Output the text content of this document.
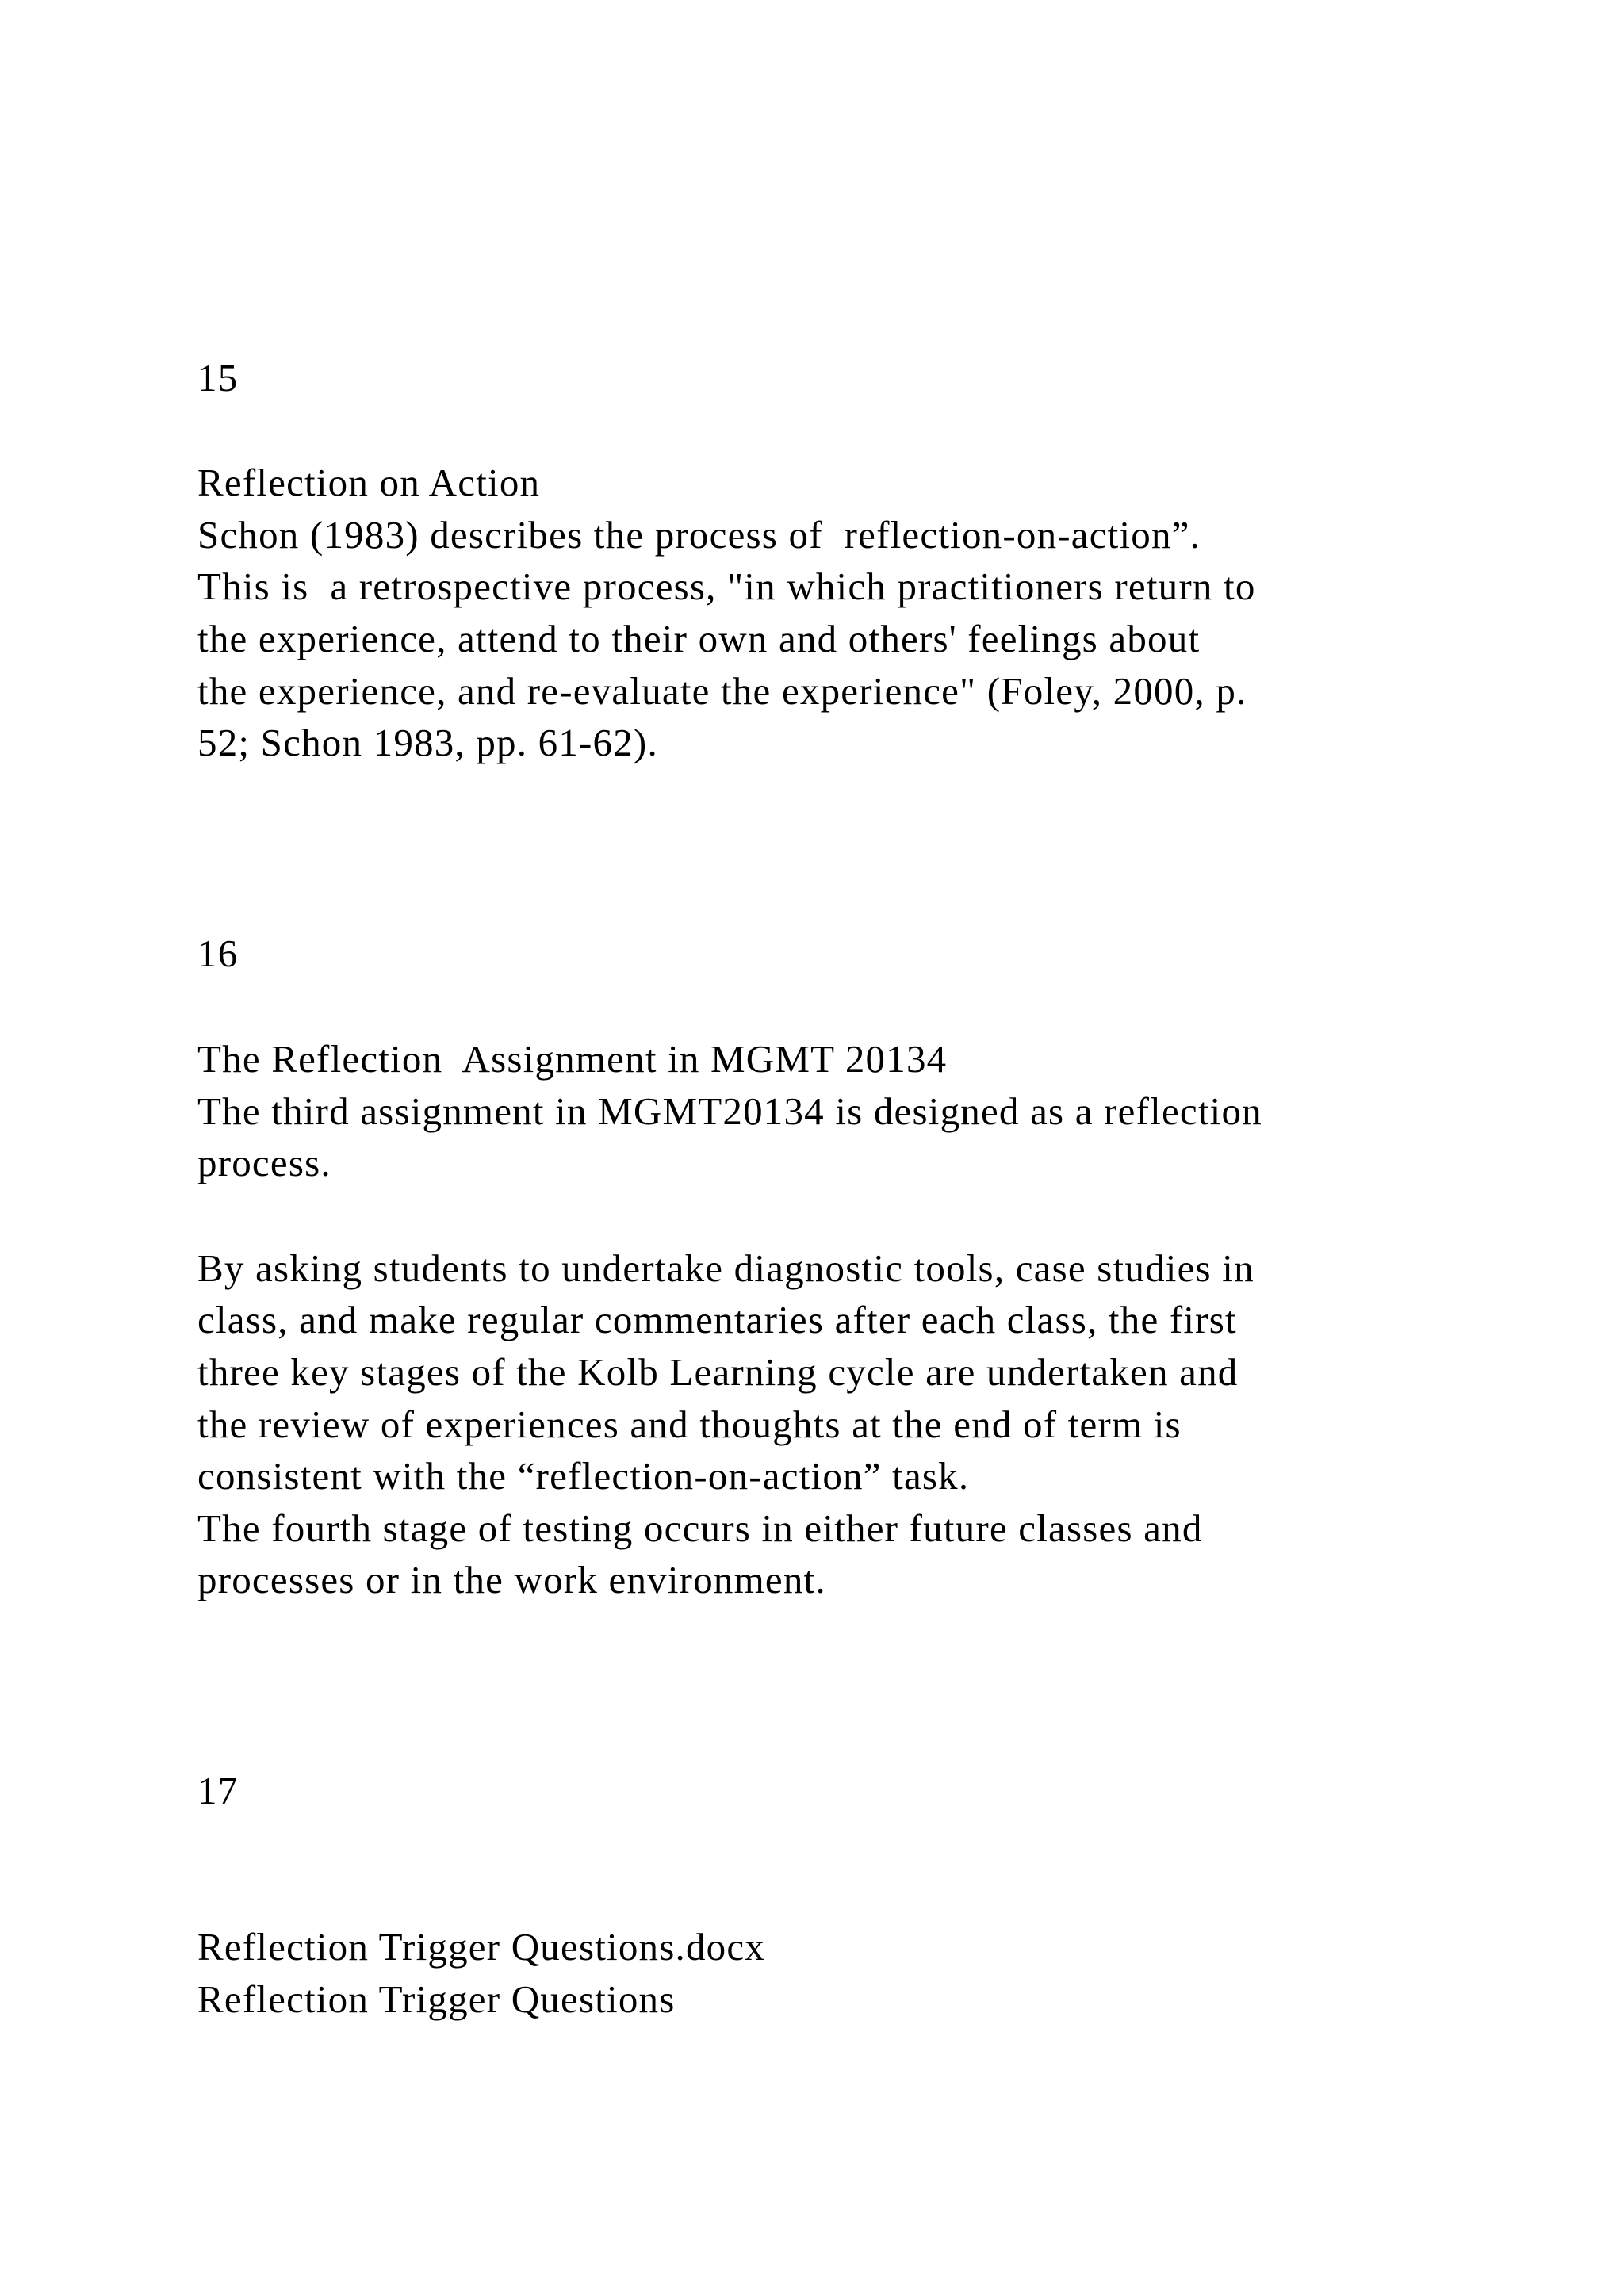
15
Reflection on Action
Schon (1983) describes the process of  reflection-on-action”.
This is  a retrospective process, "in which practitioners return to
the experience, attend to their own and others' feelings about
the experience, and re-evaluate the experience" (Foley, 2000, p.
52; Schon 1983, pp. 61-62).
16
The Reflection  Assignment in MGMT 20134
The third assignment in MGMT20134 is designed as a reflection
process.
By asking students to undertake diagnostic tools, case studies in
class, and make regular commentaries after each class, the first
three key stages of the Kolb Learning cycle are undertaken and
the review of experiences and thoughts at the end of term is
consistent with the “reflection-on-action” task.
The fourth stage of testing occurs in either future classes and
processes or in the work environment.
17
Reflection Trigger Questions.docx
Reflection Trigger Questions
